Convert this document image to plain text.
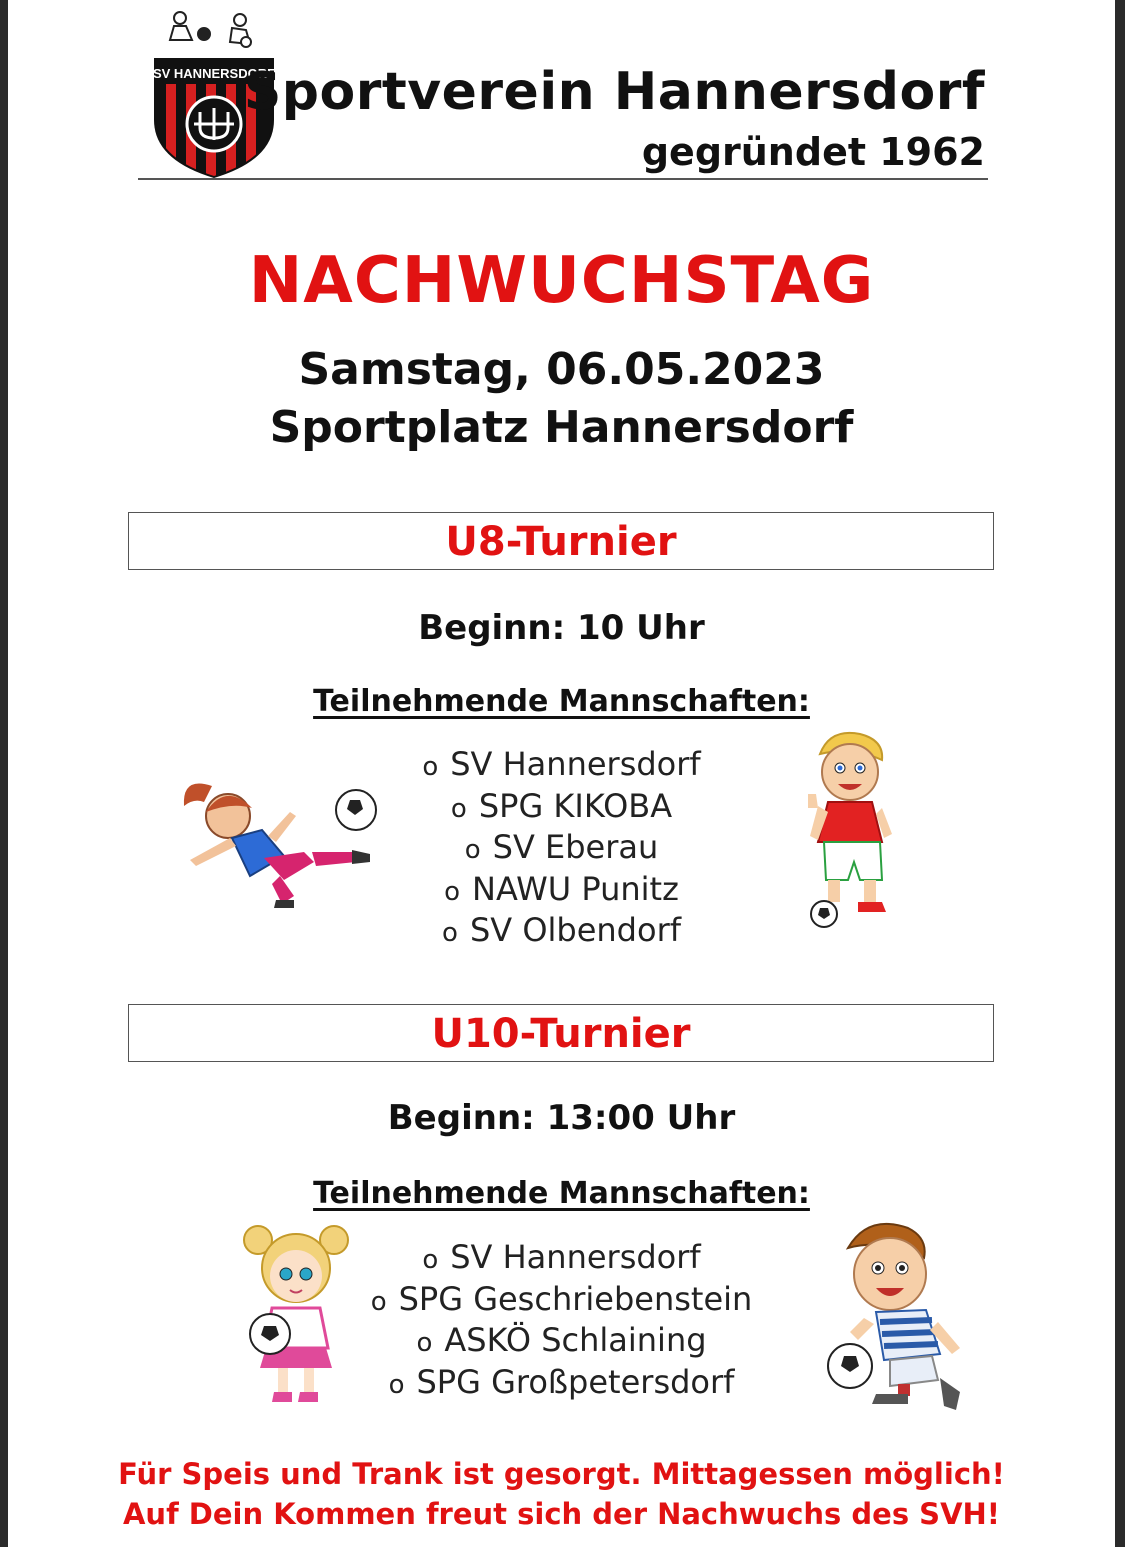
SV HANNERSDORF
Sportverein Hannersdorf
gegründet 1962
NACHWUCHSTAG
Samstag, 06.05.2023
Sportplatz Hannersdorf
U8-Turnier
Beginn: 10 Uhr
Teilnehmende Mannschaften:
o SV Hannersdorf
o SPG KIKOBA
o SV Eberau
o NAWU Punitz
o SV Olbendorf
U10-Turnier
Beginn: 13:00 Uhr
Teilnehmende Mannschaften:
o SV Hannersdorf
o SPG Geschriebenstein
o ASKÖ Schlaining
o SPG Großpetersdorf
Für Speis und Trank ist gesorgt. Mittagessen möglich!
Auf Dein Kommen freut sich der Nachwuchs des SVH!
